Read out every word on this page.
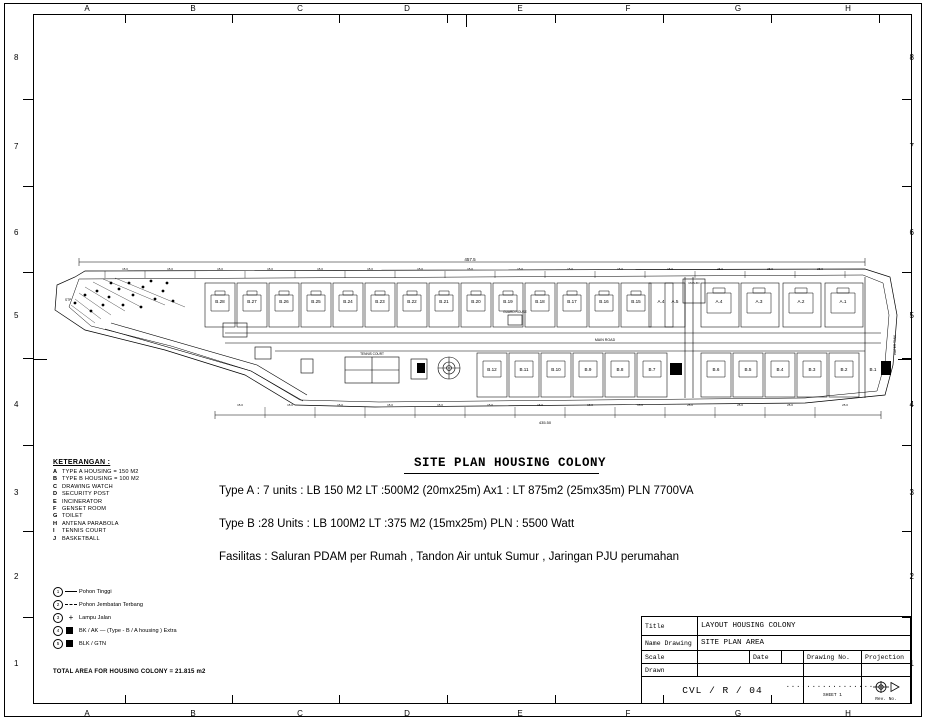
A	B	C	D	E	F	G	H
A	B	C	D	E	F	G	H
8
7
6
5
4
3
2
1
8
7
6
5
4
3
2
1
457.5
15.0	15.0	15.0	15.0	15.0	15.0	15.0	15.0	15.0	15.0	15.0	15.0	25.0	25.0	25.0
MAIN ROAD
STP	B.28	B.27	B.26	B.25	B.24	B.23	B.22	B.21	B.20	B.19	B.18	B.17	B.16	B.15	A.4 A.5	A.4	A.3	A.2	A.1
MASJID
B.12	B.11	B.10	B.9	B.8	B.7	B.6	B.5	B.4	B.3	B.2	B.1
TENNIS COURT
GUARD HOUSE
15.0	15.0	15.0	15.0	15.0	15.0	15.0	15.0	15.0	25.0	25.0	25.0	25.0
435.50
WATER TANK
SITE PLAN HOUSING COLONY
Type A : 7 units : LB 150 M2 LT :500M2 (20mx25m) Ax1 : LT 875m2 (25mx35m) PLN 7700VA
Type B :28 Units : LB 100M2 LT :375 M2 (15mx25m) PLN : 5500 Watt
Fasilitas : Saluran PDAM per Rumah , Tandon Air untuk Sumur , Jaringan PJU perumahan
KETERANGAN :
A TYPE A HOUSING = 150 M2
B TYPE B HOUSING = 100 M2
C DRAWING WATCH
D SECURITY POST
E INCINERATOR
F GENSET ROOM
G TOILET
H ANTENA PARABOLA
I	TENNIS COURT
J	BASKETBALL
1	Pohon Tinggi
2	Pohon Jembatan Terbang
3	+	Lampu Jalan
4	BK / AK — (Type - B / A housing ) Extra
5	BLK / GTN
TOTAL AREA FOR HOUSING COLONY = 21.815 m2
Title	LAYOUT HOUSING COLONY
Name Drawing	SITE PLAN AREA
Scale	Date	Drawing No.	Projection
Drawn
CVL / R / 04	..................
SHEET 1
Rev. No.
